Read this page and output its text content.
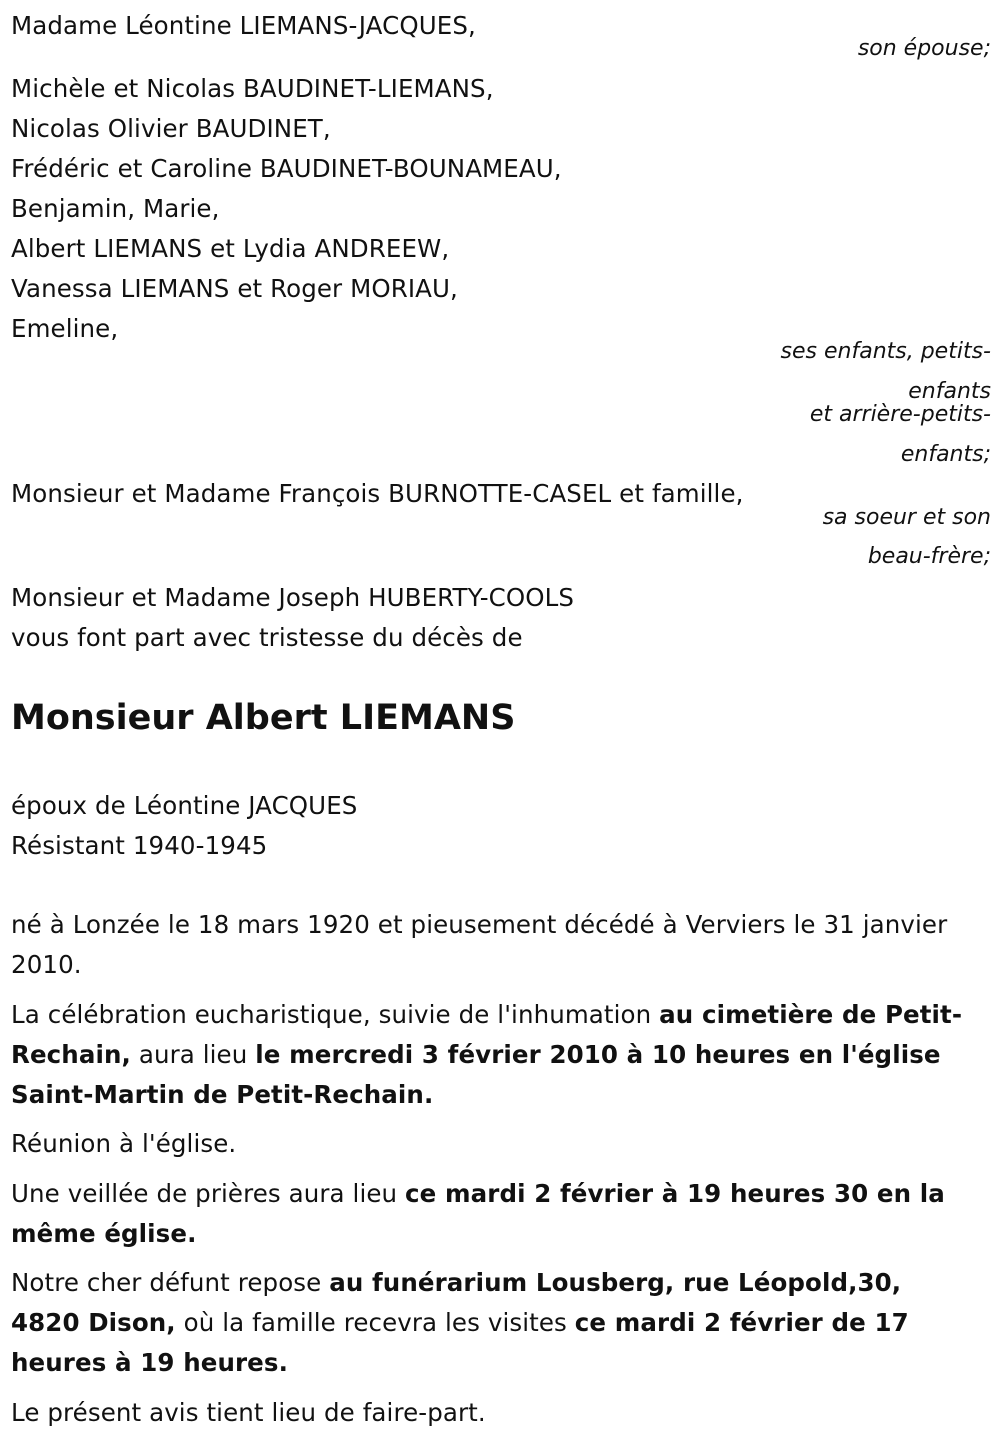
Madame Léontine LIEMANS-JACQUES,
son épouse;
Michèle et Nicolas BAUDINET-LIEMANS,
Nicolas Olivier BAUDINET,
Frédéric et Caroline BAUDINET-BOUNAMEAU,
Benjamin, Marie,
Albert LIEMANS et Lydia ANDREEW,
Vanessa LIEMANS et Roger MORIAU,
Emeline,
ses enfants, petits-
enfants
et arrière-petits-
enfants;
Monsieur et Madame François BURNOTTE-CASEL et famille,
sa soeur et son
beau-frère;
Monsieur et Madame Joseph HUBERTY-COOLS
vous font part avec tristesse du décès de
Monsieur Albert LIEMANS
époux de Léontine JACQUES
Résistant 1940-1945
né à Lonzée le 18 mars 1920 et pieusement décédé à Verviers le 31 janvier 2010.
La célébration eucharistique, suivie de l'inhumation au cimetière de Petit-Rechain, aura lieu le mercredi 3 février 2010 à 10 heures en l'église Saint-Martin de Petit-Rechain.
Réunion à l'église.
Une veillée de prières aura lieu ce mardi 2 février à 19 heures 30 en la même église.
Notre cher défunt repose au funérarium Lousberg, rue Léopold,30, 4820 Dison, où la famille recevra les visites ce mardi 2 février de 17 heures à 19 heures.
Le présent avis tient lieu de faire-part.
